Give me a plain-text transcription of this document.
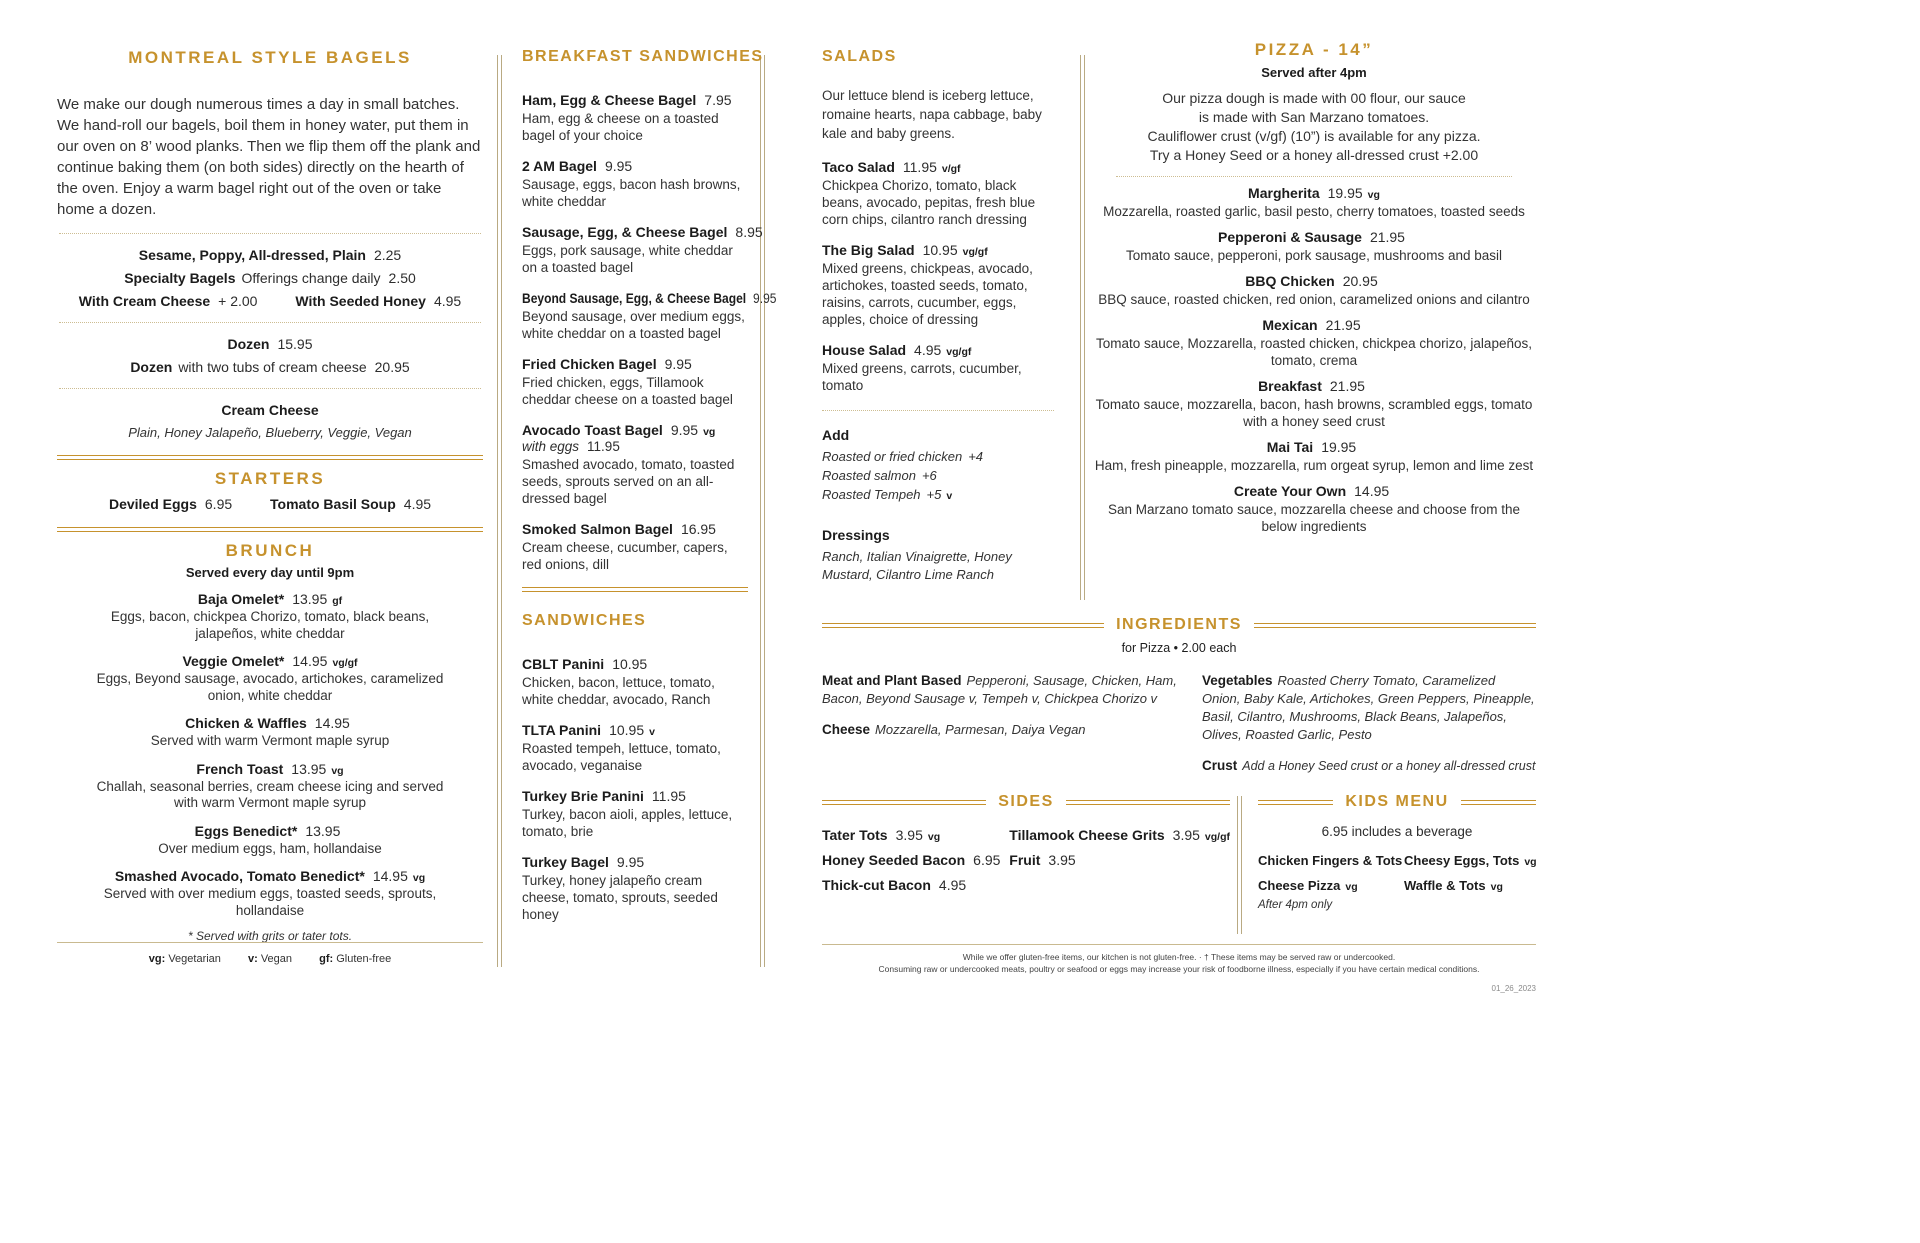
MONTREAL STYLE BAGELS

We make our dough numerous times a day in small batches. We hand-roll our bagels, boil them in honey water, put them in our oven on 8’ wood planks. Then we flip them off the plank and continue baking them (on both sides) directly on the hearth of the oven. Enjoy a warm bagel right out of the oven or take home a dozen.

Sesame, Poppy, All-dressed, Plain 2.25
Specialty Bagels Offerings change daily 2.50
With Cream Cheese + 2.00	With Seeded Honey 4.95
Dozen 15.95
Dozen with two tubs of cream cheese 20.95
Cream Cheese
Plain, Honey Jalapeño, Blueberry, Veggie, Vegan
STARTERS
Deviled Eggs 6.95	Tomato Basil Soup 4.95
BRUNCH
Served every day until 9pm
Baja Omelet* 13.95 gf
Eggs, bacon, chickpea Chorizo, tomato, black beans, jalapeños, white cheddar
Veggie Omelet* 14.95 vg/gf
Eggs, Beyond sausage, avocado, artichokes, caramelized onion, white cheddar
Chicken & Waffles 14.95
Served with warm Vermont maple syrup
French Toast 13.95 vg
Challah, seasonal berries, cream cheese icing and served with warm Vermont maple syrup
Eggs Benedict* 13.95
Over medium eggs, ham, hollandaise
Smashed Avocado, Tomato Benedict* 14.95 vg
Served with over medium eggs, toasted seeds, sprouts, hollandaise
* Served with grits or tater tots.
vg: Vegetarian v: Vegan gf: Gluten-free
BREAKFAST SANDWICHES
Ham, Egg & Cheese Bagel 7.95
Ham, egg & cheese on a toasted bagel of your choice
2 AM Bagel 9.95
Sausage, eggs, bacon hash browns, white cheddar
Sausage, Egg, & Cheese Bagel 8.95
Eggs, pork sausage, white cheddar on a toasted bagel
Beyond Sausage, Egg, & Cheese Bagel 9.95
Beyond sausage, over medium eggs, white cheddar on a toasted bagel
Fried Chicken Bagel 9.95
Fried chicken, eggs, Tillamook cheddar cheese on a toasted bagel
Avocado Toast Bagel 9.95 vg
with eggs 11.95
Smashed avocado, tomato, toasted seeds, sprouts served on an all-dressed bagel
Smoked Salmon Bagel 16.95
Cream cheese, cucumber, capers, red onions, dill
SANDWICHES
CBLT Panini 10.95
Chicken, bacon, lettuce, tomato, white cheddar, avocado, Ranch
TLTA Panini 10.95 v
Roasted tempeh, lettuce, tomato, avocado, veganaise
Turkey Brie Panini 11.95
Turkey, bacon aioli, apples, lettuce, tomato, brie
Turkey Bagel 9.95
Turkey, honey jalapeño cream cheese, tomato, sprouts, seeded honey
SALADS

Our lettuce blend is iceberg lettuce, romaine hearts, napa cabbage, baby kale and baby greens.

Taco Salad 11.95 v/gf
Chickpea Chorizo, tomato, black beans, avocado, pepitas, fresh blue corn chips, cilantro ranch dressing
The Big Salad 10.95 vg/gf
Mixed greens, chickpeas, avocado, artichokes, toasted seeds, tomato, raisins, carrots, cucumber, eggs, apples, choice of dressing
House Salad 4.95 vg/gf
Mixed greens, carrots, cucumber, tomato
Add
Roasted or fried chicken +4
Roasted salmon +6
Roasted Tempeh +5 v
Dressings
Ranch, Italian Vinaigrette, Honey Mustard, Cilantro Lime Ranch
PIZZA - 14”
Served after 4pm
Our pizza dough is made with 00 flour, our sauce
is made with San Marzano tomatoes.
Cauliflower crust (v/gf) (10”) is available for any pizza.
Try a Honey Seed or a honey all-dressed crust +2.00
Margherita 19.95 vg
Mozzarella, roasted garlic, basil pesto, cherry tomatoes, toasted seeds
Pepperoni & Sausage 21.95
Tomato sauce, pepperoni, pork sausage, mushrooms and basil
BBQ Chicken 20.95
BBQ sauce, roasted chicken, red onion, caramelized onions and cilantro
Mexican 21.95
Tomato sauce, Mozzarella, roasted chicken, chickpea chorizo, jalapeños, tomato, crema
Breakfast 21.95
Tomato sauce, mozzarella, bacon, hash browns, scrambled eggs, tomato with a honey seed crust
Mai Tai 19.95
Ham, fresh pineapple, mozzarella, rum orgeat syrup, lemon and lime zest
Create Your Own 14.95
San Marzano tomato sauce, mozzarella cheese and choose from the below ingredients
INGREDIENTS
for Pizza • 2.00 each

Meat and Plant Based Pepperoni, Sausage, Chicken, Ham, Bacon, Beyond Sausage v, Tempeh v, Chickpea Chorizo v

Cheese Mozzarella, Parmesan, Daiya Vegan

Vegetables Roasted Cherry Tomato, Caramelized Onion, Baby Kale, Artichokes, Green Peppers, Pineapple, Basil, Cilantro, Mushrooms, Black Beans, Jalapeños, Olives, Roasted Garlic, Pesto

Crust Add a Honey Seed crust or a honey all-dressed crust

SIDES
Tater Tots 3.95 vg
Honey Seeded Bacon 6.95
Thick-cut Bacon 4.95
Tillamook Cheese Grits 3.95 vg/gf
Fruit 3.95
KIDS MENU
6.95 includes a beverage
Chicken Fingers & Tots
Cheese Pizza vg
After 4pm only
Cheesy Eggs, Tots vg
Waffle & Tots vg
While we offer gluten-free items, our kitchen is not gluten-free. · † These items may be served raw or undercooked.
Consuming raw or undercooked meats, poultry or seafood or eggs may increase your risk of foodborne illness, especially if you have certain medical conditions.
01_26_2023
